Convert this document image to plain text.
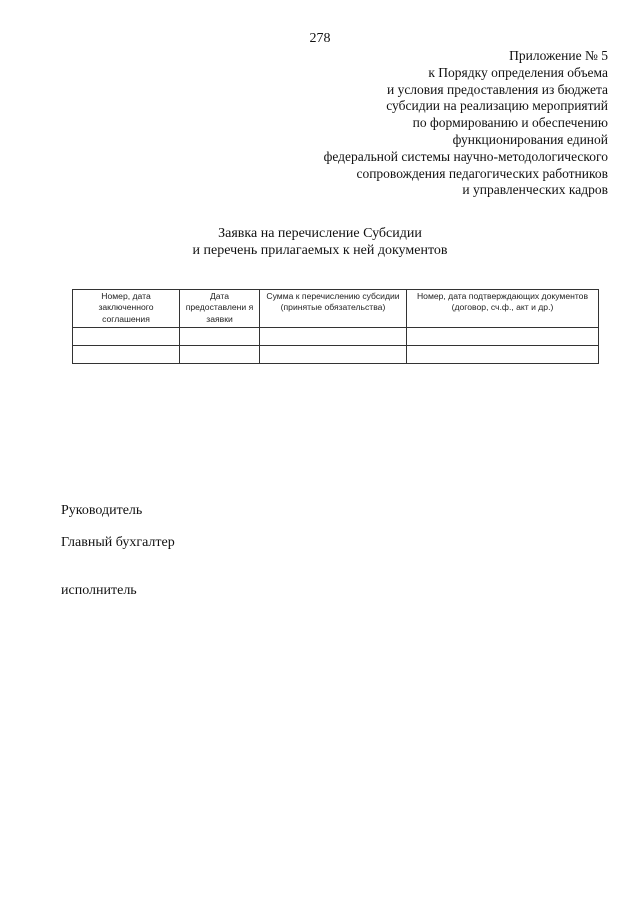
278
Приложение № 5
к Порядку определения объема
и условия предоставления из бюджета
субсидии на реализацию мероприятий
по формированию и обеспечению
функционирования единой
федеральной системы научно-методологического
сопровождения педагогических работников
и управленческих кадров
Заявка на перечисление Субсидии
и перечень прилагаемых к ней документов
Номер, дата заключенного соглашения	Дата предоставлени я заявки	Сумма к перечислению субсидии (принятые обязательства)	Номер, дата подтверждающих документов (договор, сч.ф., акт и др.)

Руководитель
Главный бухгалтер
исполнитель
